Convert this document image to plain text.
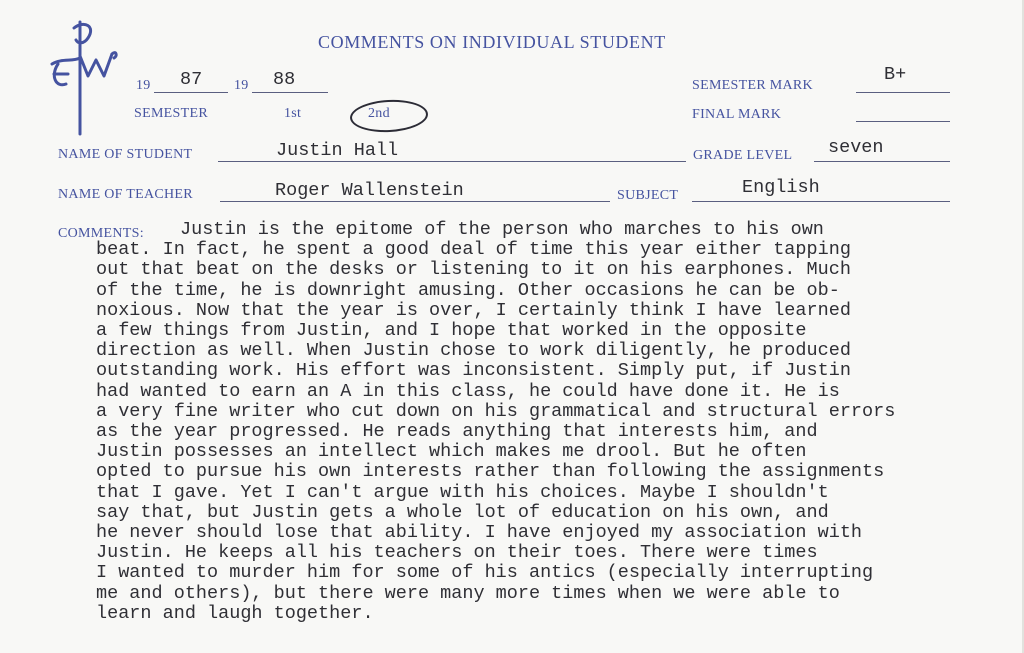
COMMENTS ON INDIVIDUAL STUDENT
19 87 19 88
SEMESTER	1st	2nd
SEMESTER MARK
B+
FINAL MARK
NAME OF STUDENT	Justin Hall	GRADE LEVEL seven
NAME OF TEACHER	Roger Wallenstein	SUBJECT	English
COMMENTS:	Justin is the epitome of the person who marches to his own
beat. In fact, he spent a good deal of time this year either tapping
out that beat on the desks or listening to it on his earphones. Much
of the time, he is downright amusing. Other occasions he can be ob-
noxious. Now that the year is over, I certainly think I have learned
a few things from Justin, and I hope that worked in the opposite
direction as well. When Justin chose to work diligently, he produced
outstanding work. His effort was inconsistent. Simply put, if Justin
had wanted to earn an A in this class, he could have done it. He is
a very fine writer who cut down on his grammatical and structural errors
as the year progressed. He reads anything that interests him, and
Justin possesses an intellect which makes me drool. But he often
opted to pursue his own interests rather than following the assignments
that I gave. Yet I can't argue with his choices. Maybe I shouldn't
say that, but Justin gets a whole lot of education on his own, and
he never should lose that ability. I have enjoyed my association with
Justin. He keeps all his teachers on their toes. There were times
I wanted to murder him for some of his antics (especially interrupting
me and others), but there were many more times when we were able to
learn and laugh together.
